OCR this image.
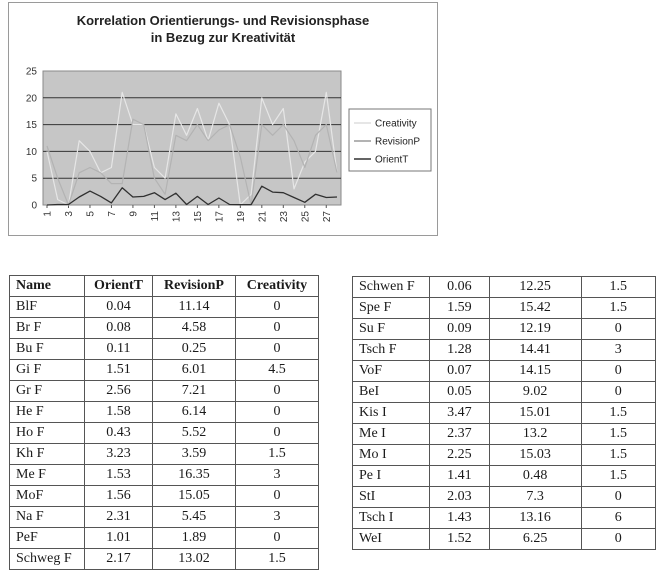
Korrelation Orientierungs- und Revisionsphase
in Bezug zur Kreativität
0
5
10
15
20
25
1 3 5 7 9 11 13 15 17 19 21 23 25 27
Creativity
RevisionP
OrientT
Name	OrientT	RevisionP	Creativity
BlF	0.04	11.14	0
Br F	0.08	4.58	0
Bu F	0.11	0.25	0
Gi F	1.51	6.01	4.5
Gr F	2.56	7.21	0
He F	1.58	6.14	0
Ho F	0.43	5.52	0
Kh F	3.23	3.59	1.5
Me F	1.53	16.35	3
MoF	1.56	15.05	0
Na F	2.31	5.45	3
PeF	1.01	1.89	0
Schweg F	2.17	13.02	1.5
Schwen F	0.06	12.25	1.5
Spe F	1.59	15.42	1.5
Su F	0.09	12.19	0
Tsch F	1.28	14.41	3
VoF	0.07	14.15	0
BeI	0.05	9.02	0
Kis I	3.47	15.01	1.5
Me I	2.37	13.2	1.5
Mo I	2.25	15.03	1.5
Pe I	1.41	0.48	1.5
StI	2.03	7.3	0
Tsch I	1.43	13.16	6
WeI	1.52	6.25	0
